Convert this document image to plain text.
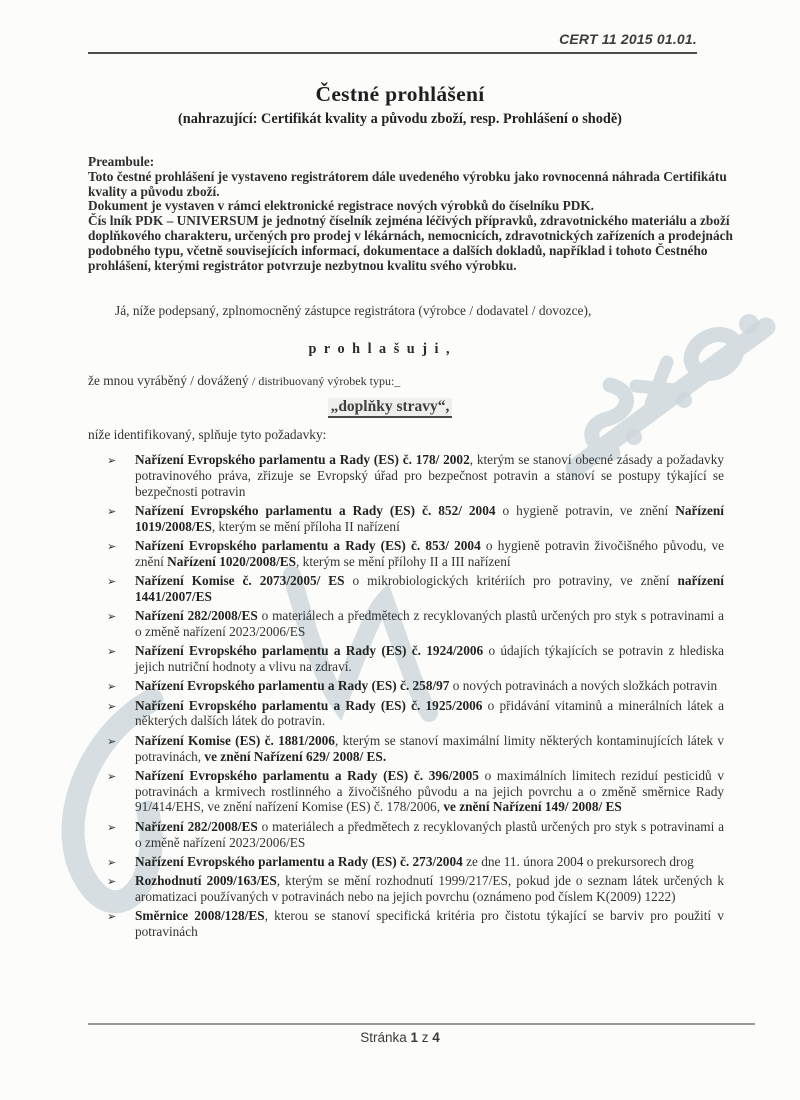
CERT 11 2015 01.01.
Čestné prohlášení
(nahrazující: Certifikát kvality a původu zboží, resp. Prohlášení o shodě)

Preambule:

Toto čestné prohlášení je vystaveno registrátorem dále uvedeného výrobku jako rovnocenná náhrada Certifikátu kvality a původu zboží.

Dokument je vystaven v rámci elektronické registrace nových výrobků do číselníku PDK.

Čís lník PDK – UNIVERSUM je jednotný číselník zejména léčivých přípravků, zdravotnického materiálu a zboží doplňkového charakteru, určených pro prodej v lékárnách, nemocnicích, zdravotnických zařízeních a prodejnách podobného typu, včetně souvisejících informací, dokumentace a dalších dokladů, například i tohoto Čestného prohlášení, kterými registrátor potvrzuje nezbytnou kvalitu svého výrobku.

Já, níže podepsaný, zplnomocněný zástupce registrátora (výrobce / dodavatel / dovozce),
p r o h l a š u j i ,
že mnou vyráběný / dovážený / distribuovaný výrobek typu:_
„doplňky stravy“,
níže identifikovaný, splňuje tyto požadavky:
➢ Nařízení Evropského parlamentu a Rady (ES) č. 178/ 2002, kterým se stanoví obecné zásady a požadavky potravinového práva, zřizuje se Evropský úřad pro bezpečnost potravin a stanoví se postupy týkající se bezpečnosti potravin
➢ Nařízení Evropského parlamentu a Rady (ES) č. 852/ 2004 o hygieně potravin, ve znění Nařízení 1019/2008/ES, kterým se mění příloha II nařízení
➢ Nařízení Evropského parlamentu a Rady (ES) č. 853/ 2004 o hygieně potravin živočišného původu, ve znění Nařízení 1020/2008/ES, kterým se mění přílohy II a III nařízení
➢ Nařízení Komise č. 2073/2005/ ES o mikrobiologických kritériích pro potraviny, ve znění nařízení 1441/2007/ES
➢ Nařízení 282/2008/ES o materiálech a předmětech z recyklovaných plastů určených pro styk s potravinami a o změně nařízení 2023/2006/ES
➢ Nařízení Evropského parlamentu a Rady (ES) č. 1924/2006 o údajích týkajících se potravin z hlediska jejich nutriční hodnoty a vlivu na zdraví.
➢ Nařízení Evropského parlamentu a Rady (ES) č. 258/97 o nových potravinách a nových složkách potravin
➢ Nařízení Evropského parlamentu a Rady (ES) č. 1925/2006 o přidávání vitaminů a minerálních látek a některých dalších látek do potravin.
➢ Nařízení Komise (ES) č. 1881/2006, kterým se stanoví maximální limity některých kontaminujících látek v potravinách, ve znění Nařízení 629/ 2008/ ES.
➢ Nařízení Evropského parlamentu a Rady (ES) č. 396/2005 o maximálních limitech reziduí pesticidů v potravinách a krmivech rostlinného a živočišného původu a na jejich povrchu a o změně směrnice Rady 91/414/EHS, ve znění nařízení Komise (ES) č. 178/2006, ve znění Nařízení 149/ 2008/ ES
➢ Nařízení 282/2008/ES o materiálech a předmětech z recyklovaných plastů určených pro styk s potravinami a o změně nařízení 2023/2006/ES
➢ Nařízení Evropského parlamentu a Rady (ES) č. 273/2004 ze dne 11. února 2004 o prekursorech drog
➢ Rozhodnutí 2009/163/ES, kterým se mění rozhodnutí 1999/217/ES, pokud jde o seznam látek určených k aromatizaci používaných v potravinách nebo na jejich povrchu (oznámeno pod číslem K(2009) 1222)
➢ Směrnice 2008/128/ES, kterou se stanoví specifická kritéria pro čistotu týkající se barviv pro použití v potravinách
Stránka 1 z 4
